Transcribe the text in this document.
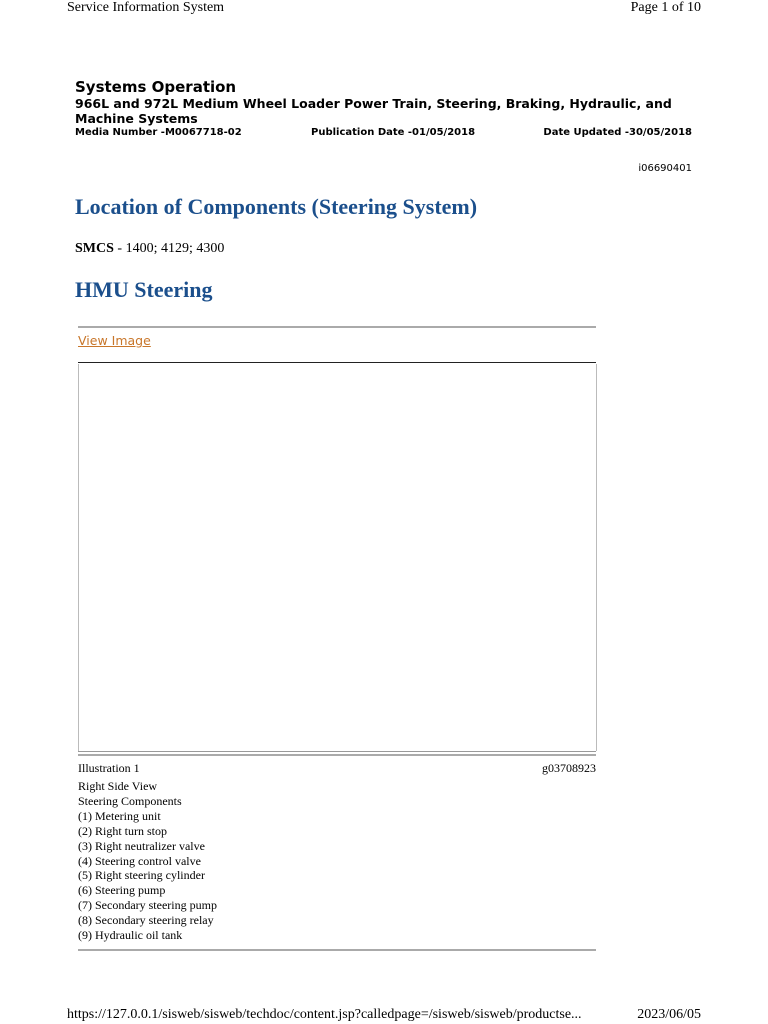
Service Information System	Page 1 of 10
Systems Operation
966L and 972L Medium Wheel Loader Power Train, Steering, Braking, Hydraulic, and Machine Systems
Media Number -M0067718-02	Publication Date -01/05/2018	Date Updated -30/05/2018
i06690401
Location of Components (Steering System)
SMCS - 1400; 4129; 4300
HMU Steering
View Image
Illustration 1	g03708923
Right Side View
Steering Components
(1) Metering unit
(2) Right turn stop
(3) Right neutralizer valve
(4) Steering control valve
(5) Right steering cylinder
(6) Steering pump
(7) Secondary steering pump
(8) Secondary steering relay
(9) Hydraulic oil tank
https://127.0.0.1/sisweb/sisweb/techdoc/content.jsp?calledpage=/sisweb/sisweb/productse...	2023/06/05
